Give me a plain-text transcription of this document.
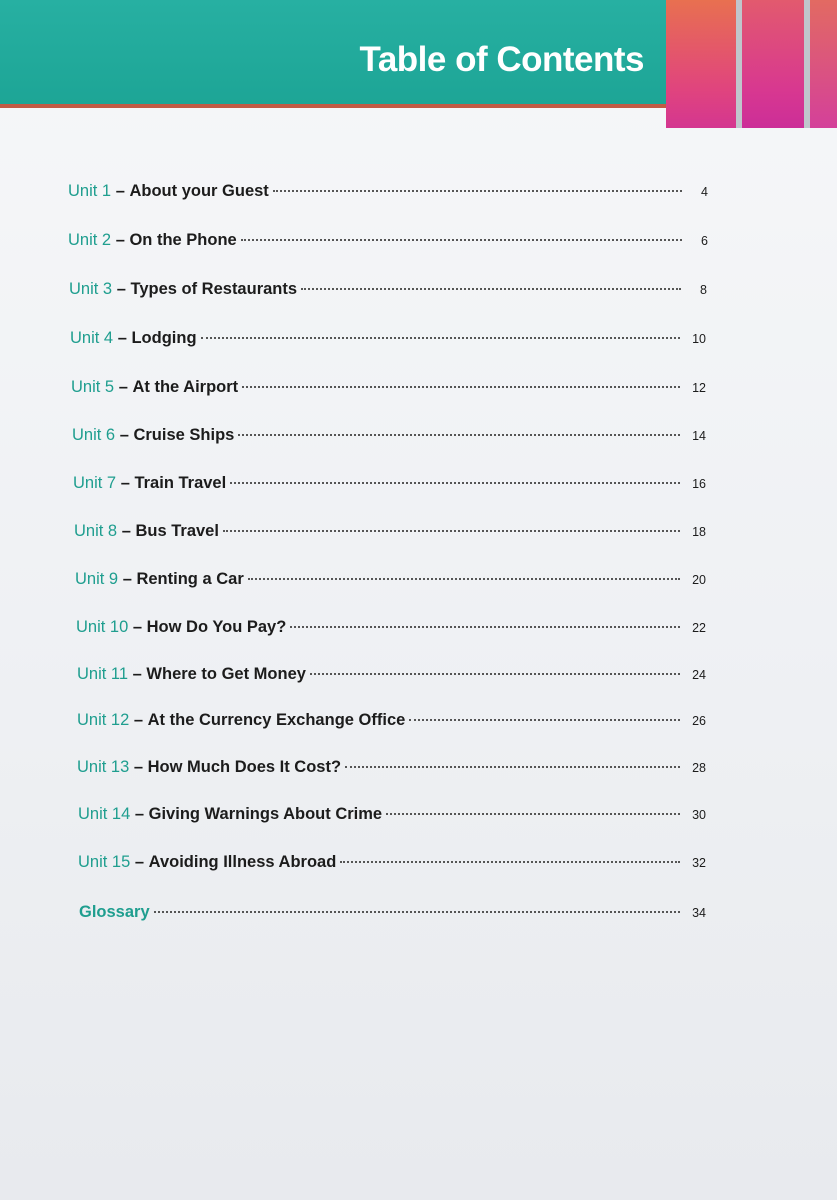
Table of Contents
Unit 1 – About your Guest	4
Unit 2 – On the Phone	6
Unit 3 – Types of Restaurants	8
Unit 4 – Lodging	10
Unit 5 – At the Airport	12
Unit 6 – Cruise Ships	14
Unit 7 – Train Travel	16
Unit 8 – Bus Travel	18
Unit 9 – Renting a Car	20
Unit 10 – How Do You Pay?	22
Unit 11 – Where to Get Money	24
Unit 12 – At the Currency Exchange Office	26
Unit 13 – How Much Does It Cost?	28
Unit 14 – Giving Warnings About Crime	30
Unit 15 – Avoiding Illness Abroad	32
Glossary	34
